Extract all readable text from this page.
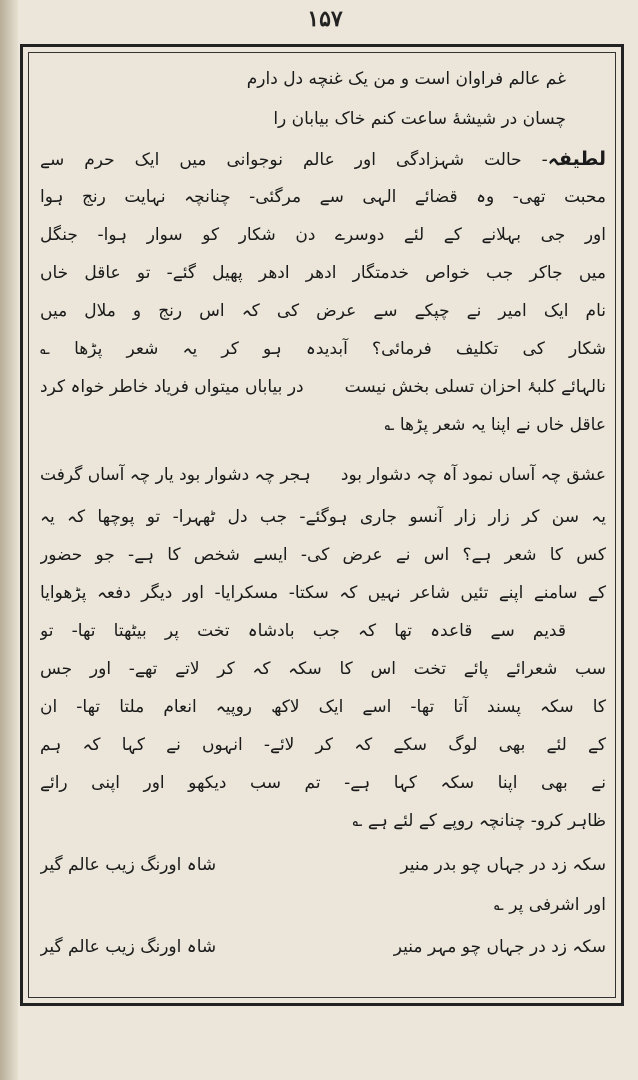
۱۵۷
غم عالم فراوان است و من یک غنچه دل دارم
چسان در شیشهٔ ساعت کنم خاک بیابان را
لطیفہ- حالت شہزادگی اور عالم نوجوانی میں ایک حرم سے
محبت تھی- وہ قضائے الہی سے مرگئی- چنانچہ نہایت رنج ہوا
اور جی بہلانے کے لئے دوسرے دن شکار کو سوار ہوا- جنگل
میں جاکر جب خواص خدمتگار ادھر ادھر پھیل گئے- تو عاقل خاں
نام ایک امیر نے چپکے سے عرض کی کہ اس رنج و ملال میں
شکار کی تکلیف فرمائی؟ آبدیدہ ہو کر یہ شعر پڑھا ؎
نالہائے کلبۂ احزان تسلی بخش نیست
در بیاباں میتواں فریاد خاطر خواہ کرد
عاقل خاں نے اپنا یہ شعر پڑھا ؎
عشق چہ آساں نمود آہ چہ دشوار بود
ہجر چہ دشوار بود یار چہ آساں گرفت
یہ سن کر زار زار آنسو جاری ہوگئے- جب دل ٹھہرا- تو پوچھا کہ یہ
کس کا شعر ہے؟ اس نے عرض کی- ایسے شخص کا ہے- جو حضور
کے سامنے اپنے تئیں شاعر نہیں کہ سکتا- مسکرایا- اور دیگر دفعہ پڑھوایا
قدیم سے قاعدہ تھا کہ جب بادشاہ تخت پر بیٹھتا تھا- تو
سب شعرائے پائے تخت اس کا سکہ کہ کر لاتے تھے- اور جس
کا سکہ پسند آتا تھا- اسے ایک لاکھ روپیہ انعام ملتا تھا- ان
کے لئے بھی لوگ سکے کہ کر لائے- انہوں نے کہا کہ ہم
نے بھی اپنا سکہ کہا ہے- تم سب دیکھو اور اپنی رائے
ظاہر کرو- چنانچہ روپے کے لئے ہے ؎
سکہ زد در جہاں چو بدر منیر
شاہ اورنگ زیب عالم گیر
اور اشرفی پر ؎
سکہ زد در جہاں چو مہر منیر
شاہ اورنگ زیب عالم گیر
